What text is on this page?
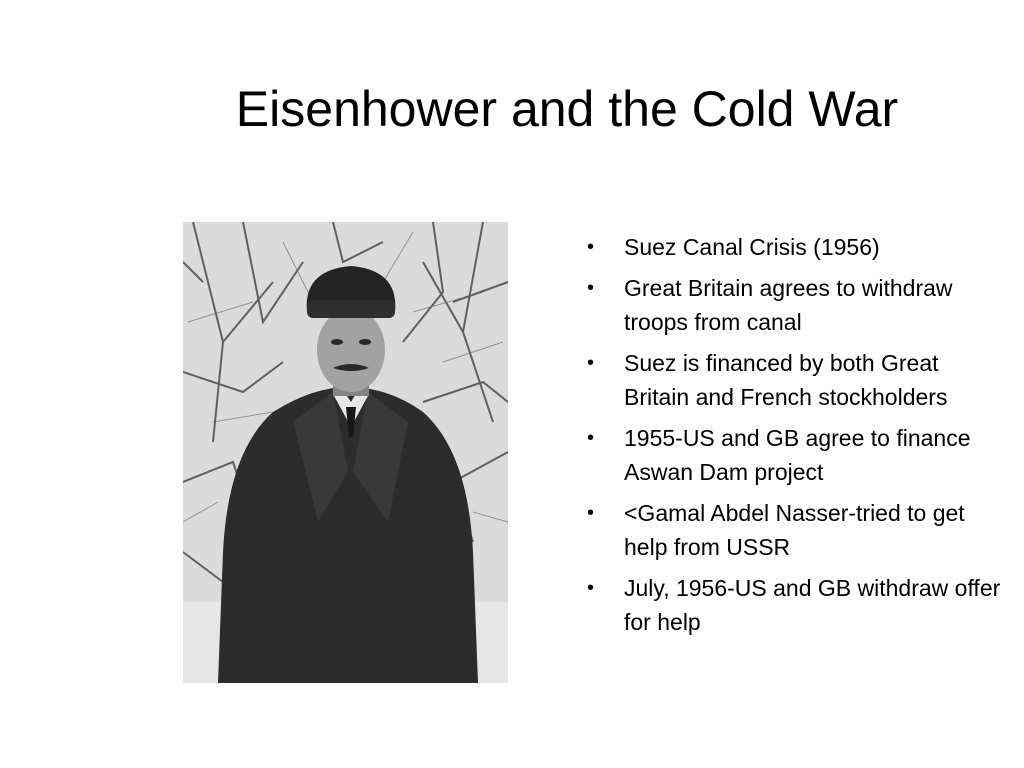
Eisenhower and the Cold War
• Suez Canal Crisis (1956)
• Great Britain agrees to withdraw troops from canal
• Suez is financed by both Great Britain and French stockholders
• 1955-US and GB agree to finance Aswan Dam project
• <Gamal Abdel Nasser-tried to get help from USSR
• July, 1956-US and GB withdraw offer for help
